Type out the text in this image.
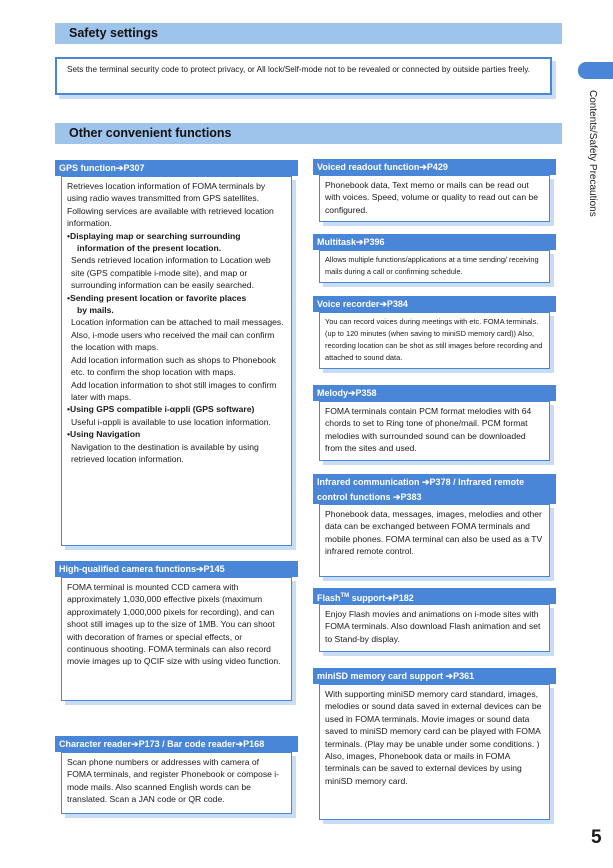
Safety settings
Sets the terminal security code to protect privacy, or All lock/Self-mode not to be revealed or connected by outside parties freely.
Other convenient functions
GPS function➔P307
Retrieves location information of FOMA terminals by using radio waves transmitted from GPS satellites. Following services are available with retrieved location information.
•Displaying map or searching surrounding
information of the present location.
Sends retrieved location information to Location web site (GPS compatible i-mode site), and map or surrounding information can be easily searched.
•Sending present location or favorite places
by mails.
Location information can be attached to mail messages. Also, i-mode users who received the mail can confirm the location with maps.
Add location information such as shops to Phonebook etc. to confirm the shop location with maps.
Add location information to shot still images to confirm later with maps.
•Using GPS compatible i-αppli (GPS software)
Useful i-αppli is available to use location information.
•Using Navigation
Navigation to the destination is available by using retrieved location information.
High-qualified camera functions➔P145
FOMA terminal is mounted CCD camera with approximately 1,030,000 effective pixels (maximum approximately 1,000,000 pixels for recording), and can shoot still images up to the size of 1MB. You can shoot with decoration of frames or special effects, or continuous shooting. FOMA terminals can also record movie images up to QCIF size with using video function.
Character reader➔P173 / Bar code reader➔P168
Scan phone numbers or addresses with camera of FOMA terminals, and register Phonebook or compose i-mode mails. Also scanned English words can be translated. Scan a JAN code or QR code.
Voiced readout function➔P429
Phonebook data, Text memo or mails can be read out with voices. Speed, volume or quality to read out can be configured.
Multitask➔P396
Allows multiple functions/applications at a time sending/ receiving mails during a call or confirming schedule.
Voice recorder➔P384
You can record voices during meetings with etc. FOMA terminals. (up to 120 minutes (when saving to miniSD memory card)) Also, recording location can be shot as still images before recording and attached to sound data.
Melody➔P358
FOMA terminals contain PCM format melodies with 64 chords to set to Ring tone of phone/mail. PCM format melodies with surrounded sound can be downloaded from the sites and used.
Infrared communication ➔P378 / Infrared remote control functions ➔P383
Phonebook data, messages, images, melodies and other data can be exchanged between FOMA terminals and mobile phones. FOMA terminal can also be used as a TV infrared remote control.
Flash™ support➔P182
Enjoy Flash movies and animations on i-mode sites with FOMA terminals. Also download Flash animation and set to Stand-by display.
miniSD memory card support ➔P361
With supporting miniSD memory card standard, images, melodies or sound data saved in external devices can be used in FOMA terminals. Movie images or sound data saved to miniSD memory card can be played with FOMA terminals. (Play may be unable under some conditions. ) Also, images, Phonebook data or mails in FOMA terminals can be saved to external devices by using miniSD memory card.
Contents/Safety Precautions
5
